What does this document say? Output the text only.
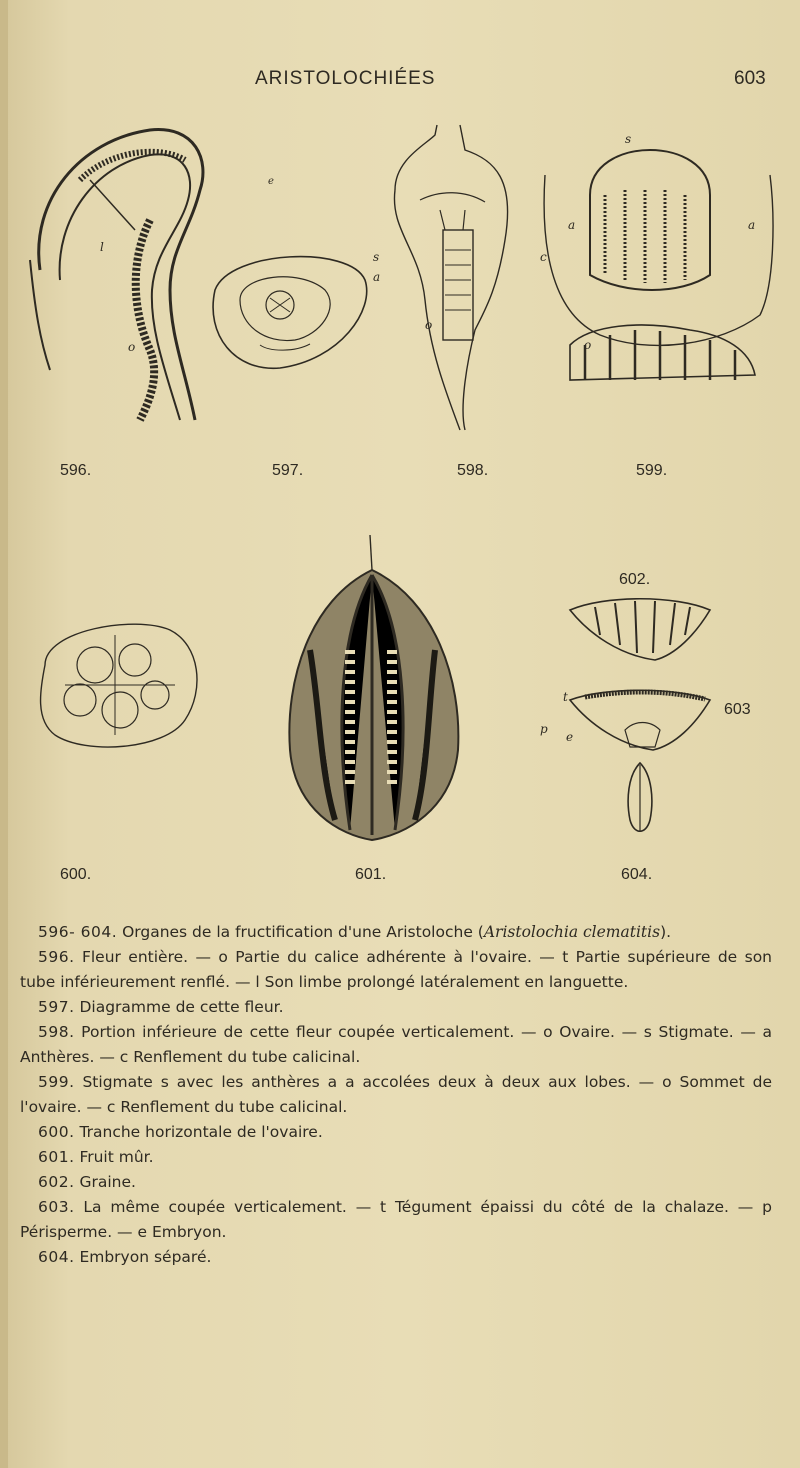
ARISTOLOCHIÉES	603
l
o
e
s
a
o
s
a	a
c
o
596.	597.	598.	599.
602.
t
p
e
603
600.	601.	604.

596- 604. Organes de la fructification d'une Aristoloche (Aristolochia clematitis).

596. Fleur entière. — o Partie du calice adhérente à l'ovaire. — t Partie supérieure de son tube inférieurement renflé. — l Son limbe prolongé latéralement en languette.

597. Diagramme de cette fleur.

598. Portion inférieure de cette fleur coupée verticalement. — o Ovaire. — s Stigmate. — a Anthères. — c Renflement du tube calicinal.

599. Stigmate s avec les anthères a a accolées deux à deux aux lobes. — o Sommet de l'ovaire. — c Renflement du tube calicinal.

600. Tranche horizontale de l'ovaire.

601. Fruit mûr.

602. Graine.

603. La même coupée verticalement. — t Tégument épaissi du côté de la chalaze. — p Périsperme. — e Embryon.

604. Embryon séparé.
